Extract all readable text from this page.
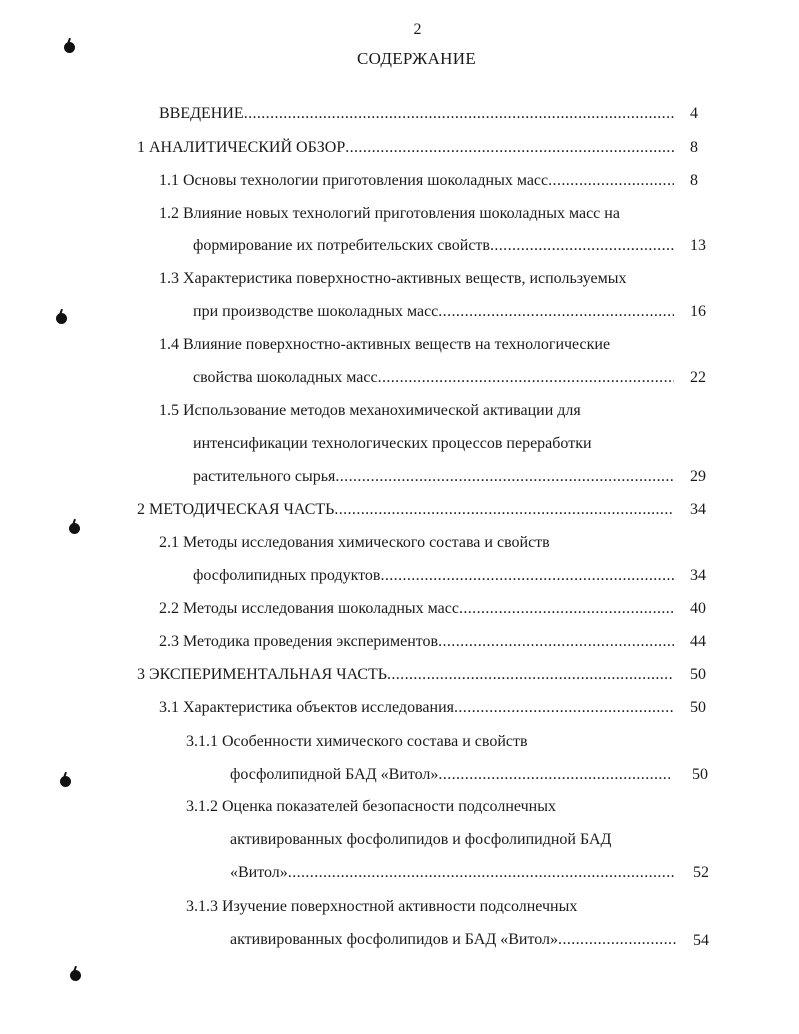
2
СОДЕРЖАНИЕ
ВВЕДЕНИЕ .....	4
1 АНАЛИТИЧЕСКИЙ ОБЗОР .....	8
1.1 Основы технологии приготовления шоколадных масс .....	8
1.2 Влияние новых технологий приготовления шоколадных масс на
формирование их потребительских свойств .....	13
1.3 Характеристика поверхностно-активных веществ, используемых
при производстве шоколадных масс .....	16
1.4 Влияние поверхностно-активных веществ на технологические
свойства шоколадных масс .....	22
1.5 Использование методов механохимической активации для
интенсификации технологических процессов переработки
растительного сырья .....	29
2 МЕТОДИЧЕСКАЯ ЧАСТЬ .....	34
2.1 Методы исследования химического состава и свойств
фосфолипидных продуктов .....	34
2.2 Методы исследования шоколадных масс .....	40
2.3 Методика проведения экспериментов .....	44
3 ЭКСПЕРИМЕНТАЛЬНАЯ ЧАСТЬ .....	50
3.1 Характеристика объектов исследования .....	50
3.1.1 Особенности химического состава и свойств
фосфолипидной БАД «Витол» .....	50
3.1.2 Оценка показателей безопасности подсолнечных
активированных фосфолипидов и фосфолипидной БАД
«Витол» .....	52
3.1.3 Изучение поверхностной активности подсолнечных
активированных фосфолипидов и БАД «Витол» .....	54
